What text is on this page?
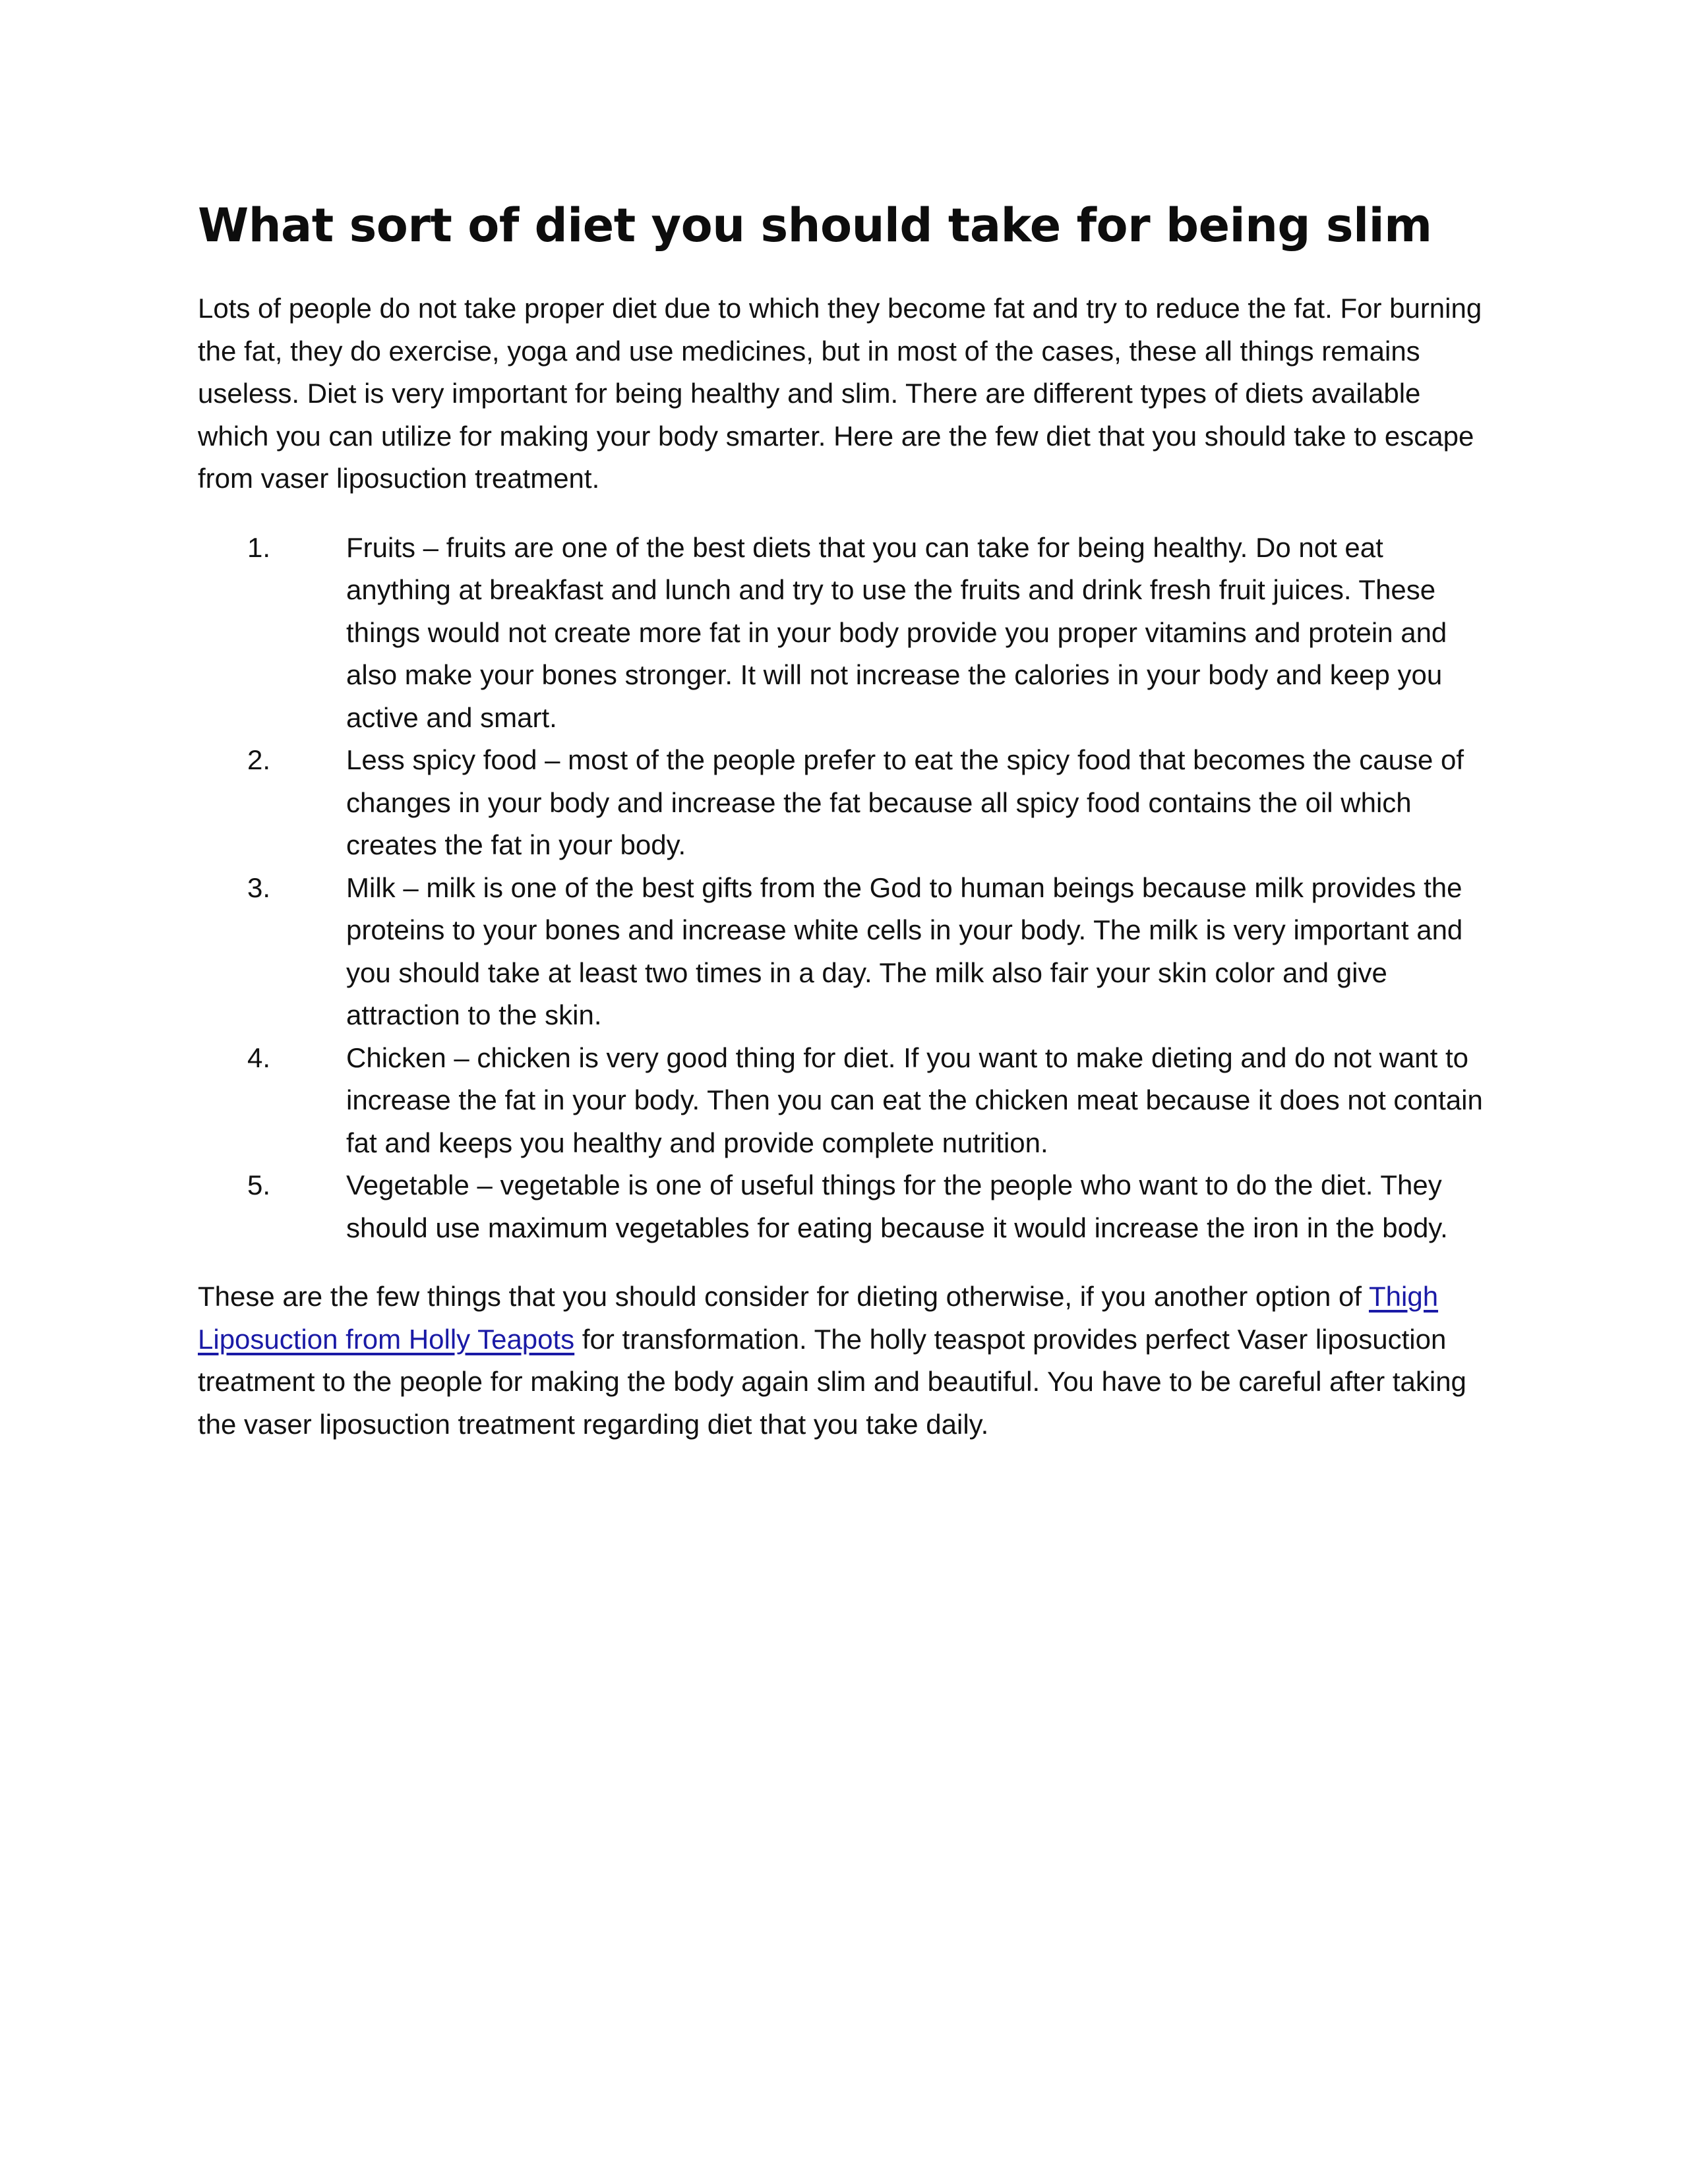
What sort of diet you should take for being slim

Lots of people do not take proper diet due to which they become fat and try to reduce the fat. For burning the fat, they do exercise, yoga and use medicines, but in most of the cases, these all things remains useless. Diet is very important for being healthy and slim. There are different types of diets available which you can utilize for making your body smarter. Here are the few diet that you should take to escape from vaser liposuction treatment.

1.	Fruits – fruits are one of the best diets that you can take for being healthy. Do not eat anything at breakfast and lunch and try to use the fruits and drink fresh fruit juices. These things would not create more fat in your body provide you proper vitamins and protein and also make your bones stronger. It will not increase the calories in your body and keep you active and smart.
2.	Less spicy food – most of the people prefer to eat the spicy food that becomes the cause of changes in your body and increase the fat because all spicy food contains the oil which creates the fat in your body.
3.	Milk – milk is one of the best gifts from the God to human beings because milk provides the proteins to your bones and increase white cells in your body. The milk is very important and you should take at least two times in a day. The milk also fair your skin color and give attraction to the skin.
4.	Chicken – chicken is very good thing for diet. If you want to make dieting and do not want to increase the fat in your body. Then you can eat the chicken meat because it does not contain fat and keeps you healthy and provide complete nutrition.
5.	Vegetable – vegetable is one of useful things for the people who want to do the diet. They should use maximum vegetables for eating because it would increase the iron in the body.

These are the few things that you should consider for dieting otherwise, if you another option of Thigh Liposuction from Holly Teapots for transformation. The holly teaspot provides perfect Vaser liposuction treatment to the people for making the body again slim and beautiful. You have to be careful after taking the vaser liposuction treatment regarding diet that you take daily.
